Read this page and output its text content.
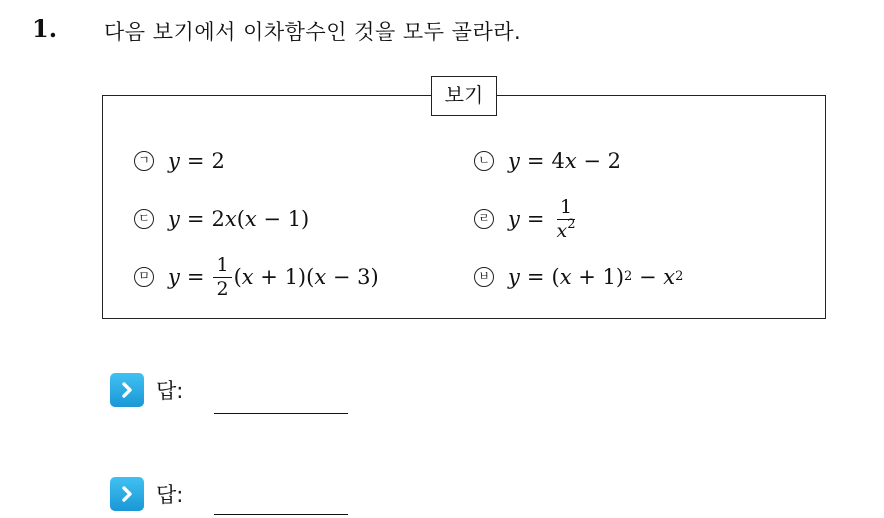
1. 다음 보기에서 이차함수인 것을 모두 골라라.
보기
ㄱ y = 2	ㄴ y = 4 x − 2
ㄷ y = 2 x ( x − 1)	ㄹ $y = \frac{1}{x^2}$
ㅁ $y = \frac{1}{2}$ ( x + 1)( x − 3)	ㅂ y = ( x + 1) 2 − x 2
답:
답:
